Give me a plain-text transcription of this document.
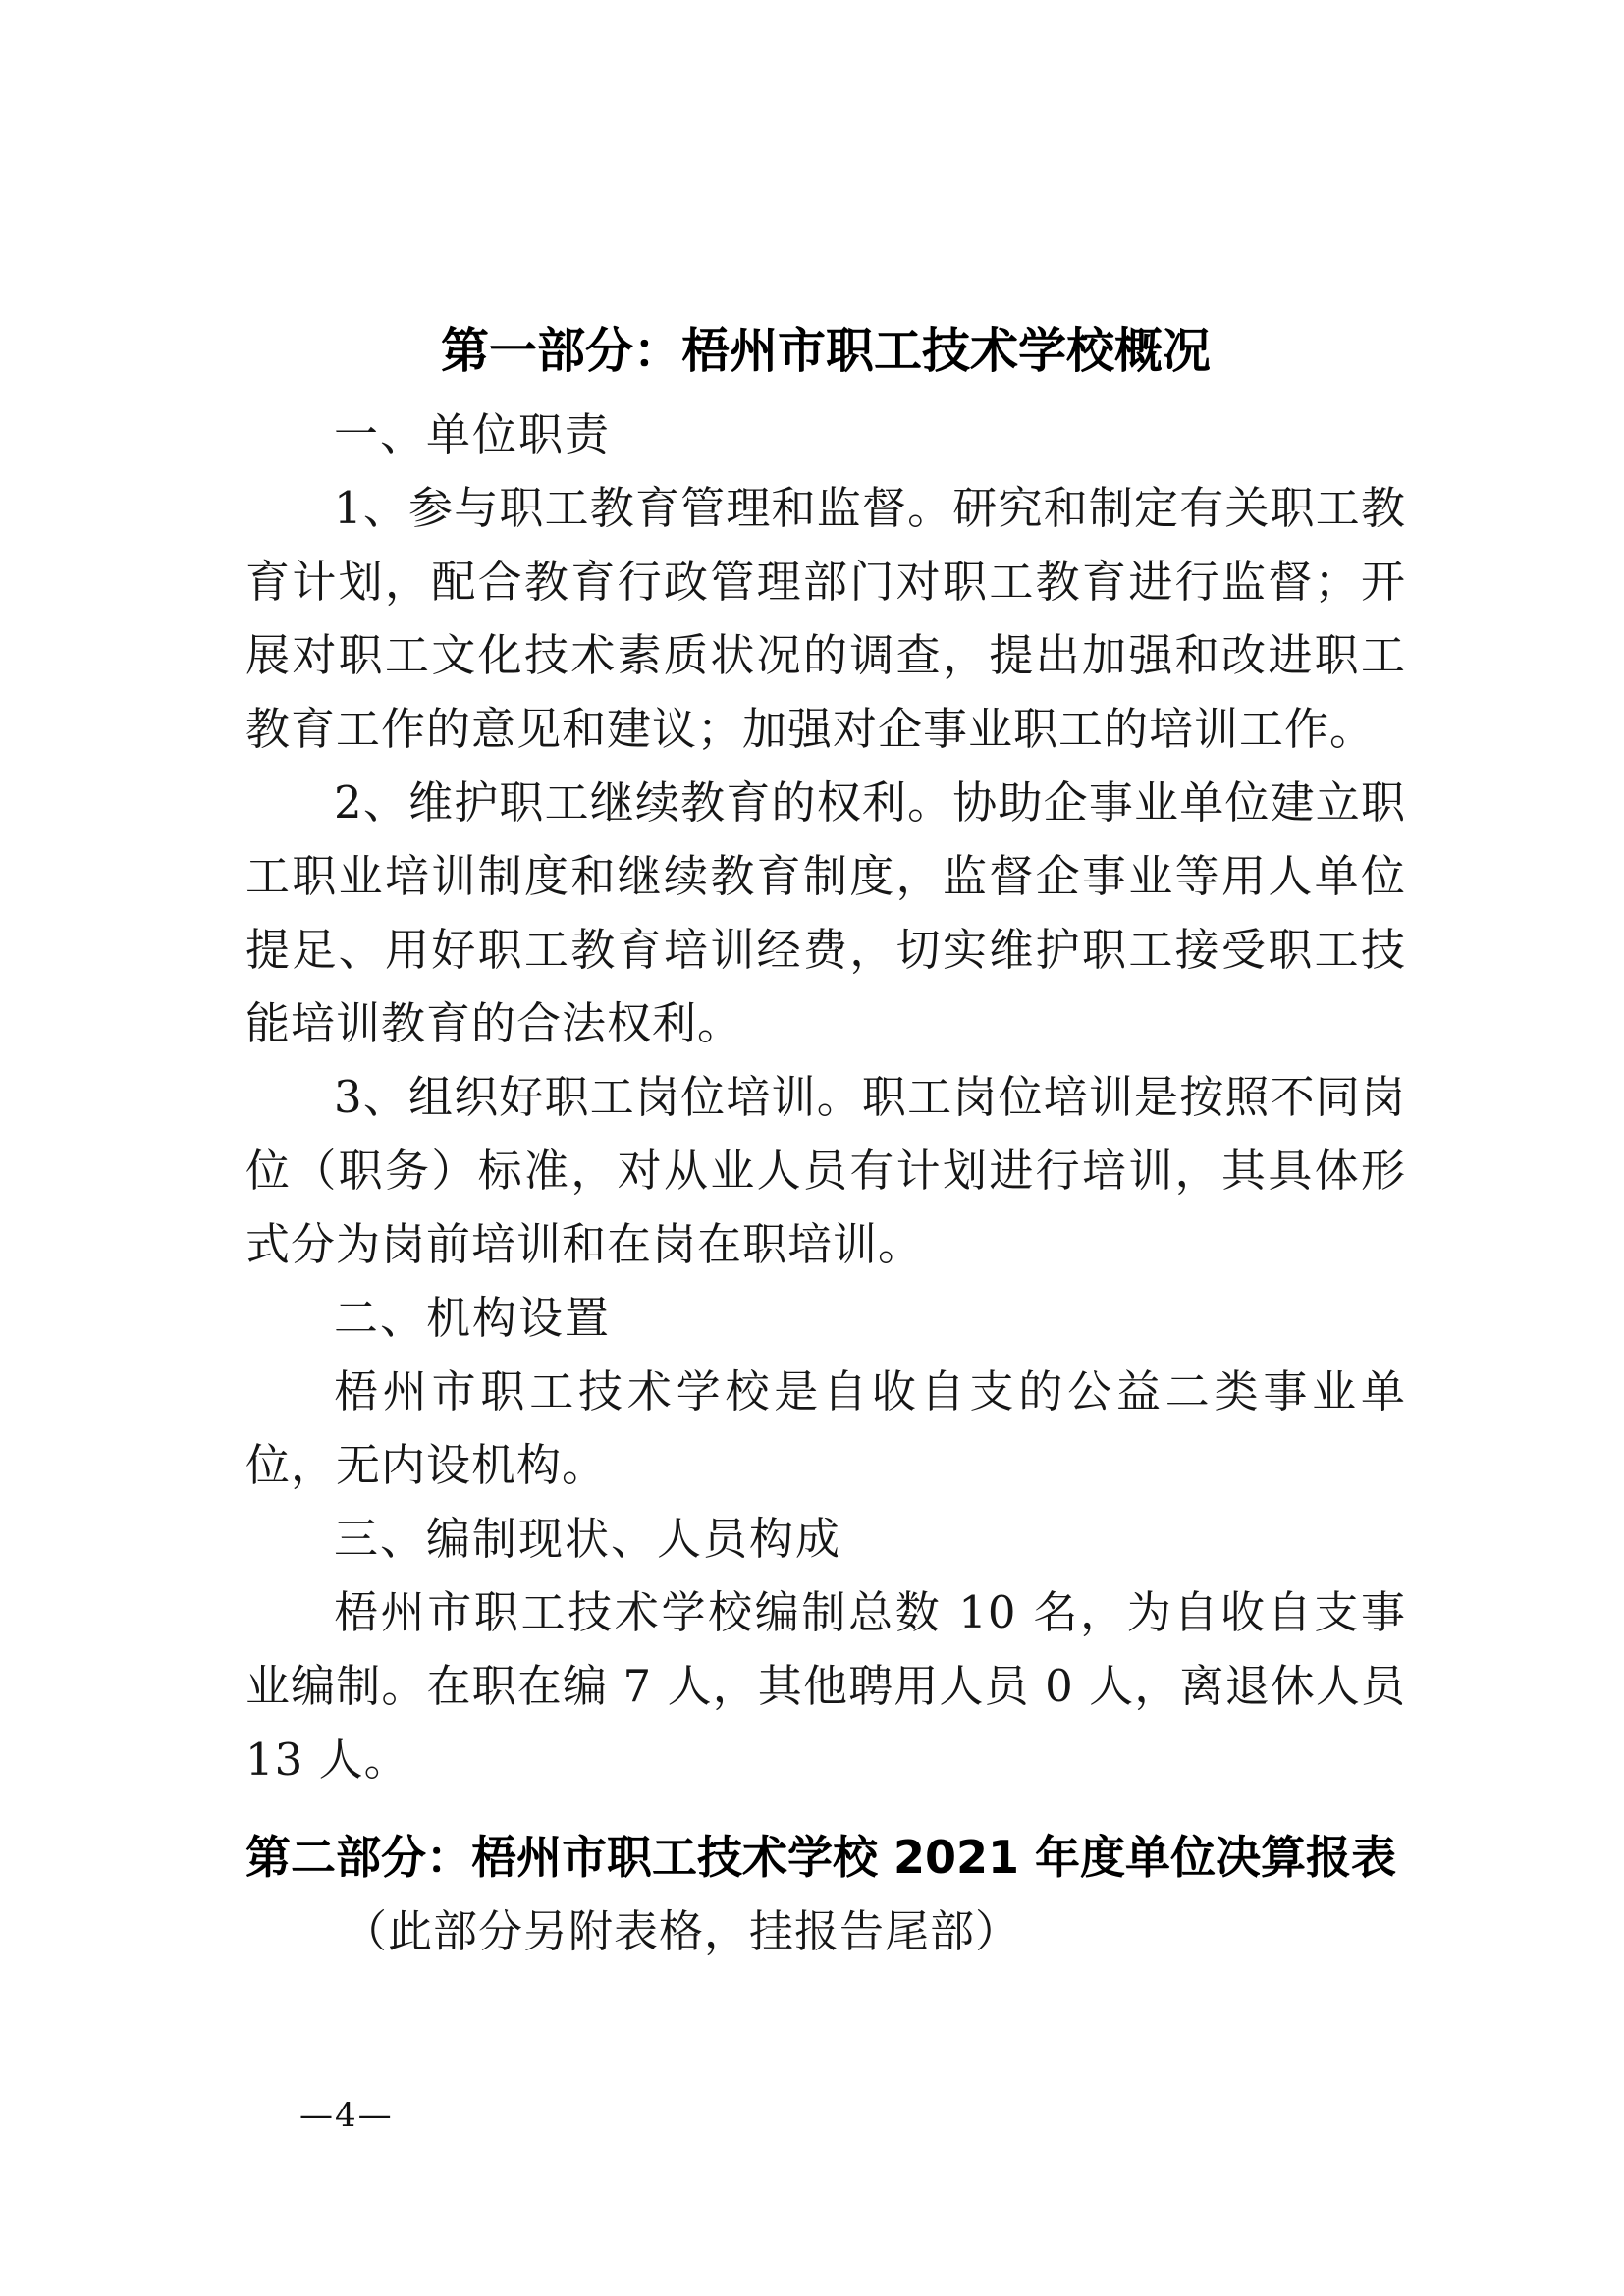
第一部分：梧州市职工技术学校概况
一、单位职责

1、参与职工教育管理和监督。研究和制定有关职工教育计划，配合教育行政管理部门对职工教育进行监督；开展对职工文化技术素质状况的调查，提出加强和改进职工教育工作的意见和建议；加强对企事业职工的培训工作。

2、维护职工继续教育的权利。协助企事业单位建立职工职业培训制度和继续教育制度，监督企事业等用人单位提足、用好职工教育培训经费，切实维护职工接受职工技能培训教育的合法权利。

3、组织好职工岗位培训。职工岗位培训是按照不同岗位（职务）标准，对从业人员有计划进行培训，其具体形式分为岗前培训和在岗在职培训。

二、机构设置

梧州市职工技术学校是自收自支的公益二类事业单位，无内设机构。

三、编制现状、人员构成

梧州市职工技术学校编制总数 10 名，为自收自支事业编制。在职在编 7 人，其他聘用人员 0 人，离退休人员 13 人。

第二部分：梧州市职工技术学校 2021 年度单位决算报表

（此部分另附表格，挂报告尾部）

—4—
